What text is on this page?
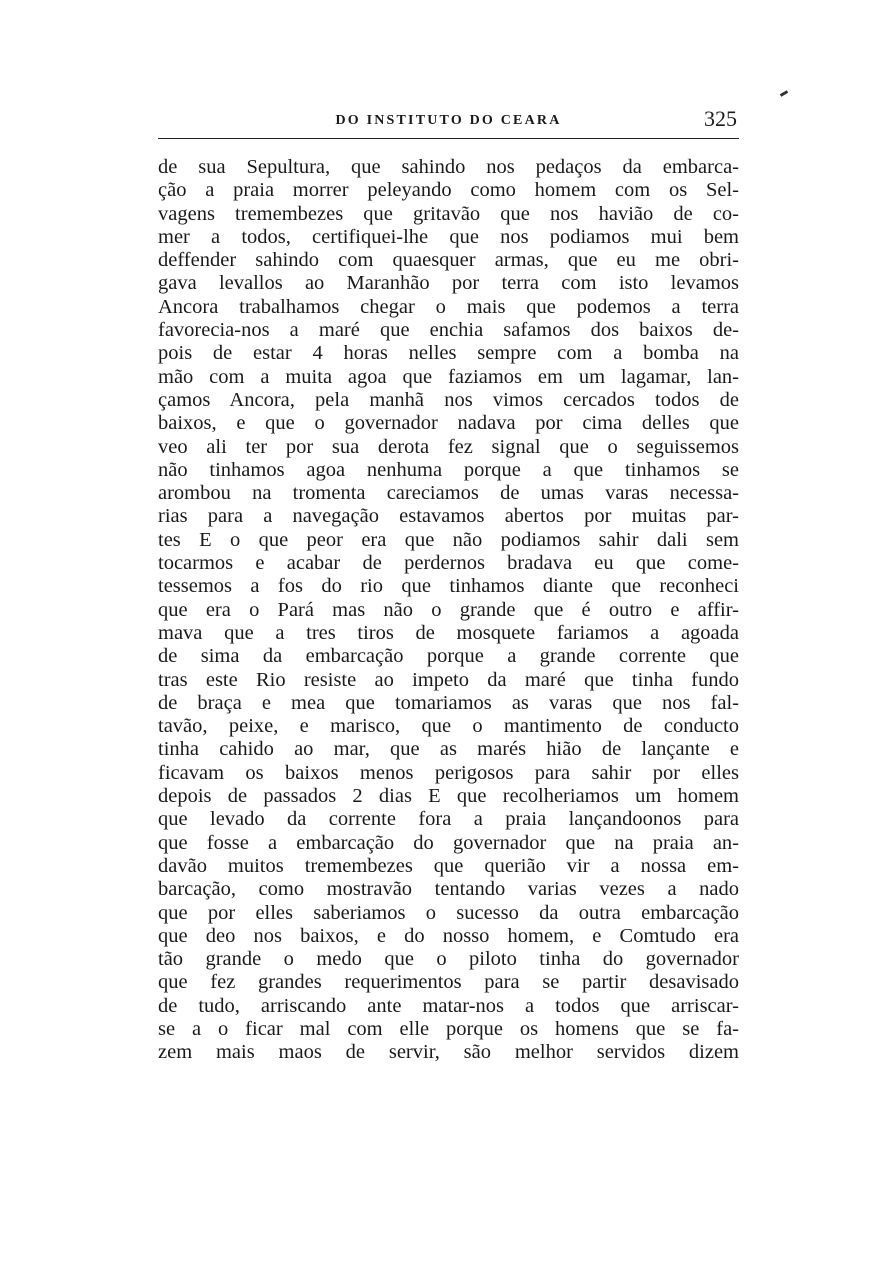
DO INSTITUTO DO CEARA	325
de sua Sepultura, que sahindo nos pedaços da embarca-
ção a praia morrer peleyando como homem com os Sel-
vagens tremembezes que gritavão que nos havião de co-
mer a todos, certifiquei-lhe que nos podiamos mui bem
deffender sahindo com quaesquer armas, que eu me obri-
gava levallos ao Maranhão por terra com isto levamos
Ancora trabalhamos chegar o mais que podemos a terra
favorecia-nos a maré que enchia safamos dos baixos de-
pois de estar 4 horas nelles sempre com a bomba na
mão com a muita agoa que faziamos em um lagamar, lan-
çamos Ancora, pela manhã nos vimos cercados todos de
baixos, e que o governador nadava por cima delles que
veo ali ter por sua derota fez signal que o seguissemos
não tinhamos agoa nenhuma porque a que tinhamos se
arombou na tromenta careciamos de umas varas necessa-
rias para a navegação estavamos abertos por muitas par-
tes E o que peor era que não podiamos sahir dali sem
tocarmos e acabar de perdernos bradava eu que come-
tessemos a fos do rio que tinhamos diante que reconheci
que era o Pará mas não o grande que é outro e affir-
mava que a tres tiros de mosquete fariamos a agoada
de sima da embarcação porque a grande corrente que
tras este Rio resiste ao impeto da maré que tinha fundo
de braça e mea que tomariamos as varas que nos fal-
tavão, peixe, e marisco, que o mantimento de conducto
tinha cahido ao mar, que as marés hião de lançante e
ficavam os baixos menos perigosos para sahir por elles
depois de passados 2 dias E que recolheriamos um homem
que levado da corrente fora a praia lançandoonos para
que fosse a embarcação do governador que na praia an-
davão muitos tremembezes que querião vir a nossa em-
barcação, como mostravão tentando varias vezes a nado
que por elles saberiamos o sucesso da outra embarcação
que deo nos baixos, e do nosso homem, e Comtudo era
tão grande o medo que o piloto tinha do governador
que fez grandes requerimentos para se partir desavisado
de tudo, arriscando ante matar-nos a todos que arriscar-
se a o ficar mal com elle porque os homens que se fa-
zem mais maos de servir, são melhor servidos dizem
